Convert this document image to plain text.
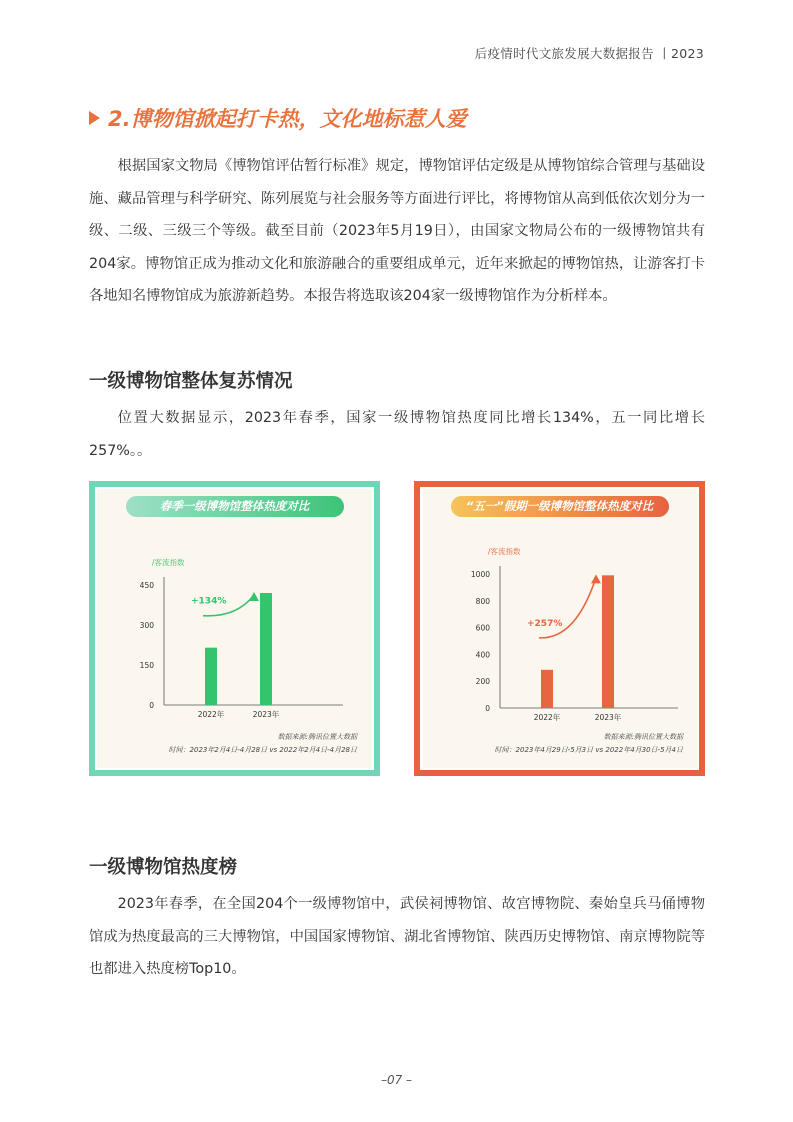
后疫情时代文旅发展大数据报告 丨2023
2.博物馆掀起打卡热，文化地标惹人爱

根据国家文物局《博物馆评估暂行标准》规定，博物馆评估定级是从博物馆综合管理与基础设施、藏品管理与科学研究、陈列展览与社会服务等方面进行评比，将博物馆从高到低依次划分为一级、二级、三级三个等级。截至目前（2023年5月19日），由国家文物局公布的一级博物馆共有204家。博物馆正成为推动文化和旅游融合的重要组成单元，近年来掀起的博物馆热，让游客打卡各地知名博物馆成为旅游新趋势。本报告将选取该204家一级博物馆作为分析样本。

一级博物馆整体复苏情况

位置大数据显示，2023年春季，国家一级博物馆热度同比增长134%，五一同比增长257%。。

春季一级博物馆整体热度对比
/客流指数
0
150
300
450
2022年	2023年
+134%
数据来源:腾讯位置大数据
时间：2023年2月4日-4月28日 vs 2022年2月4日-4月28日
“五一”假期一级博物馆整体热度对比
/客流指数
0
200
400
600
800
1000
2022年	2023年
+257%
数据来源:腾讯位置大数据
时间：2023年4月29日-5月3日 vs 2022年4月30日-5月4日
一级博物馆热度榜

2023年春季，在全国204个一级博物馆中，武侯祠博物馆、故宫博物院、秦始皇兵马俑博物馆成为热度最高的三大博物馆，中国国家博物馆、湖北省博物馆、陕西历史博物馆、南京博物院等也都进入热度榜Top10。

–07 –
